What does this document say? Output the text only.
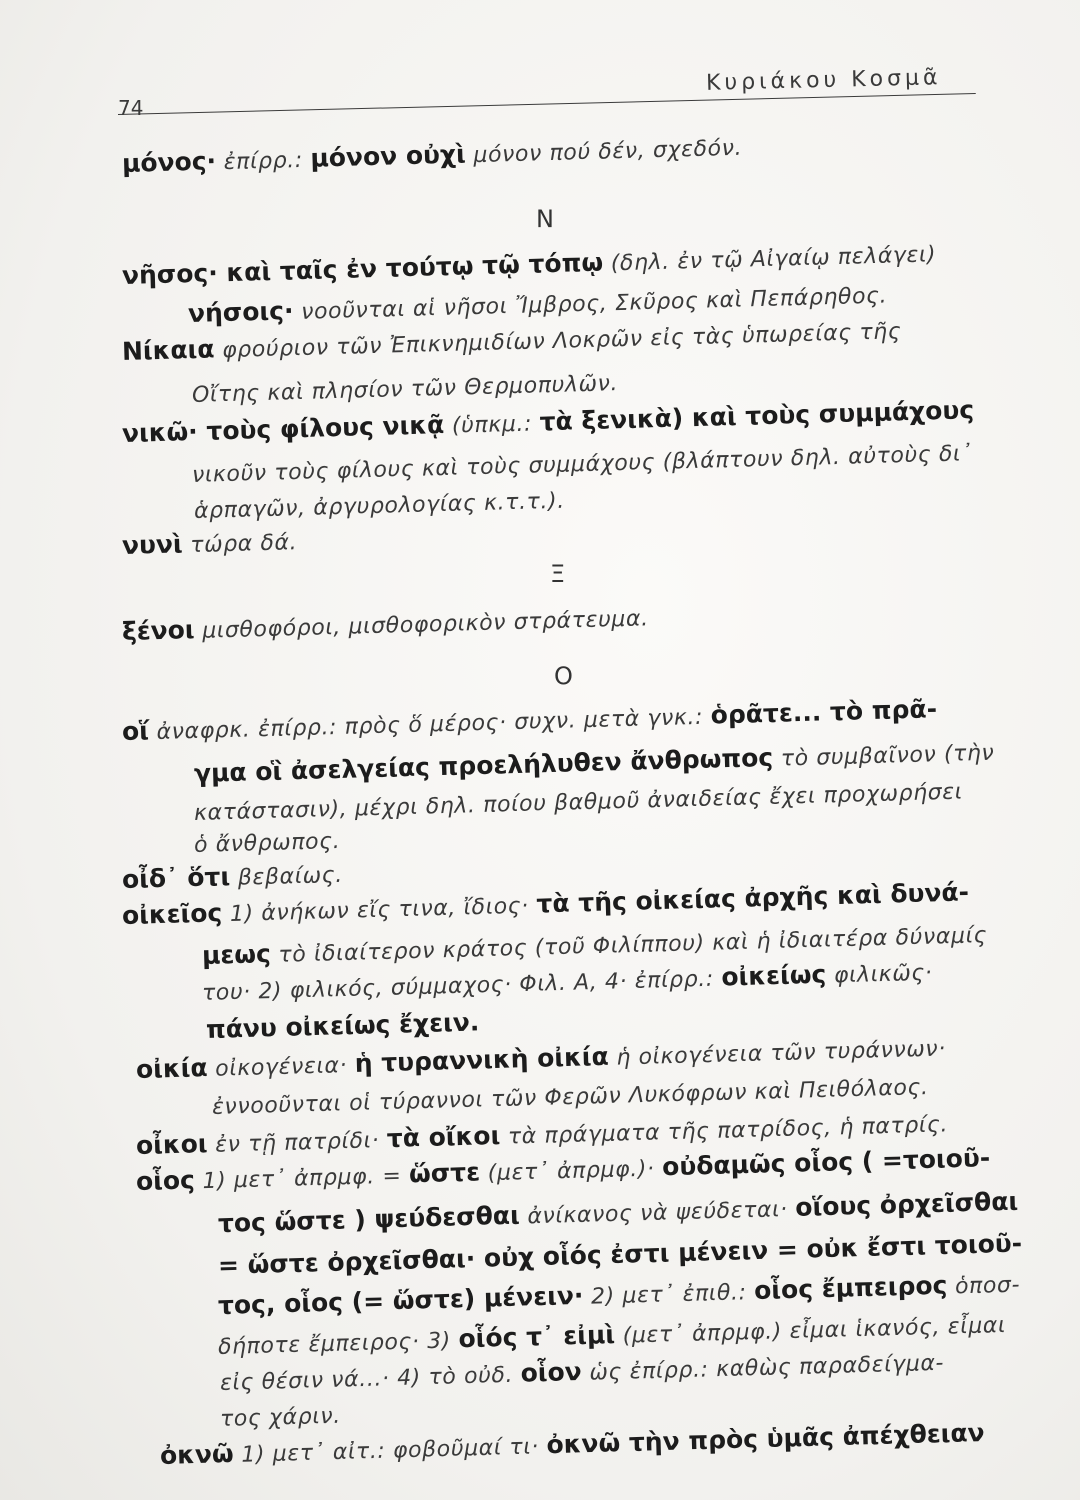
74
Κυριάκου Κοσμᾶ
μόνος· ἐπίρρ.: μόνον οὐχὶ μόνον πού δέν, σχεδόν.
Ν
νῆσος· καὶ ταῖς ἐν τούτῳ τῷ τόπῳ (δηλ. ἐν τῷ Αἰγαίῳ πελάγει)
νήσοις· νοοῦνται αἱ νῆσοι Ἴμβρος, Σκῦρος καὶ Πεπάρηθος.
Νίκαια φρούριον τῶν Ἐπικνημιδίων Λοκρῶν εἰς τὰς ὑπωρείας τῆς
Οἴτης καὶ πλησίον τῶν Θερμοπυλῶν.
νικῶ· τοὺς φίλους νικᾷ (ὑπκμ.: τὰ ξενικὰ) καὶ τοὺς συμμάχους
νικοῦν τοὺς φίλους καὶ τοὺς συμμάχους (βλάπτουν δηλ. αὐτοὺς δι᾿
ἁρπαγῶν, ἀργυρολογίας κ.τ.τ.).
νυνὶ τώρα δά.
Ξ
ξένοι μισθοφόροι, μισθοφορικὸν στράτευμα.
Ο
οἵ ἀναφρκ. ἐπίρρ.: πρὸς ὅ μέρος· συχν. μετὰ γνκ.: ὁρᾶτε... τὸ πρᾶ-
γμα οἳ ἀσελγείας προελήλυθεν ἄνθρωπος τὸ συμβαῖνον (τὴν
κατάστασιν), μέχρι δηλ. ποίου βαθμοῦ ἀναιδείας ἔχει προχωρήσει
ὁ ἄνθρωπος.
οἶδ᾿ ὅτι βεβαίως.
οἰκεῖος 1) ἀνήκων εἴς τινα, ἴδιος· τὰ τῆς οἰκείας ἀρχῆς καὶ δυνά-
μεως τὸ ἰδιαίτερον κράτος (τοῦ Φιλίππου) καὶ ἡ ἰδιαιτέρα δύναμίς
του· 2) φιλικός, σύμμαχος· Φιλ. Α, 4· ἐπίρρ.: οἰκείως φιλικῶς·
πάνυ οἰκείως ἔχειν.
οἰκία οἰκογένεια· ἡ τυραννικὴ οἰκία ἡ οἰκογένεια τῶν τυράννων·
ἐννοοῦνται οἱ τύραννοι τῶν Φερῶν Λυκόφρων καὶ Πειθόλαος.
οἶκοι ἐν τῇ πατρίδι· τὰ οἴκοι τὰ πράγματα τῆς πατρίδος, ἡ πατρίς.
οἷος 1) μετ᾿ ἀπρμφ. = ὥστε (μετ᾿ ἀπρμφ.)· οὐδαμῶς οἷος ( =τοιοῦ-
τος ὥστε ) ψεύδεσθαι ἀνίκανος νὰ ψεύδεται· οἵους ὀρχεῖσθαι
= ὥστε ὀρχεῖσθαι· οὐχ οἷός ἐστι μένειν = οὐκ ἔστι τοιοῦ-
τος, οἷος (= ὥστε) μένειν· 2) μετ᾿ ἐπιθ.: οἷος ἔμπειρος ὁποσ-
δήποτε ἔμπειρος· 3) οἷός τ᾿ εἰμὶ (μετ᾿ ἀπρμφ.) εἶμαι ἱκανός, εἶμαι
εἰς θέσιν νά...· 4) τὸ οὐδ. οἷον ὡς ἐπίρρ.: καθὼς παραδείγμα-
τος χάριν.
ὀκνῶ 1) μετ᾿ αἰτ.: φοβοῦμαί τι· ὀκνῶ τὴν πρὸς ὑμᾶς ἀπέχθειαν
